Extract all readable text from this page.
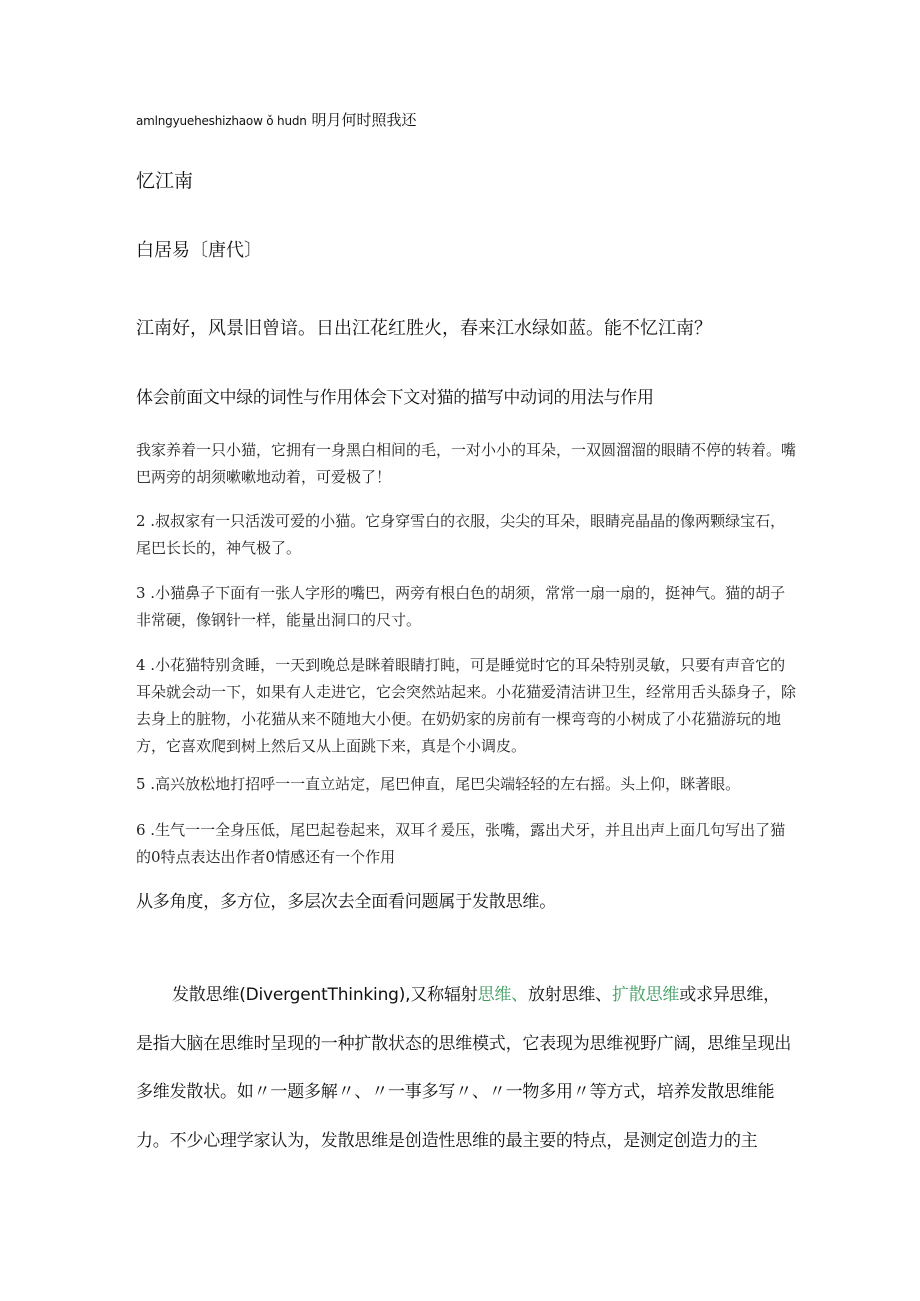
amlngyueheshizhaow ǒ hudn 明月何时照我还

忆江南

白居易〔唐代〕

江南好，风景旧曾谙。日出江花红胜火，春来江水绿如蓝。能不忆江南？

体会前面文中绿的词性与作用体会下文对猫的描写中动词的用法与作用

我家养着一只小猫，它拥有一身黑白相间的毛，一对小小的耳朵，一双圆溜溜的眼睛不停的转着。嘴巴两旁的胡须嗽嗽地动着，可爱极了！

2 .叔叔家有一只活泼可爱的小猫。它身穿雪白的衣服，尖尖的耳朵，眼睛亮晶晶的像两颗绿宝石，尾巴长长的，神气极了。

3 .小猫鼻子下面有一张人字形的嘴巴，两旁有根白色的胡须，常常一扇一扇的，挺神气。猫的胡子非常硬，像钢针一样，能量出洞口的尺寸。

4 .小花猫特别贪睡，一天到晚总是眯着眼睛打盹，可是睡觉时它的耳朵特别灵敏，只要有声音它的耳朵就会动一下，如果有人走进它，它会突然站起来。小花猫爱清洁讲卫生，经常用舌头舔身子，除去身上的脏物，小花猫从来不随地大小便。在奶奶家的房前有一棵弯弯的小树成了小花猫游玩的地方，它喜欢爬到树上然后又从上面跳下来，真是个小调皮。

5 .高兴放松地打招呼一一直立站定，尾巴伸直，尾巴尖端轻轻的左右摇。头上仰，眯著眼。

6 .生气一一全身压低，尾巴起卷起来，双耳彳爰压，张嘴，露出犬牙，并且出声上面几句写出了猫的0特点表达出作者0情感还有一个作用

从多角度，多方位，多层次去全面看问题属于发散思维。

发散思维(DivergentThinking),又称辐射思维、放射思维、扩散思维或求异思维，是指大脑在思维时呈现的一种扩散状态的思维模式，它表现为思维视野广阔，思维呈现出多维发散状。如〃一题多解〃、〃一事多写〃、〃一物多用〃等方式，培养发散思维能力。不少心理学家认为，发散思维是创造性思维的最主要的特点，是测定创造力的主
